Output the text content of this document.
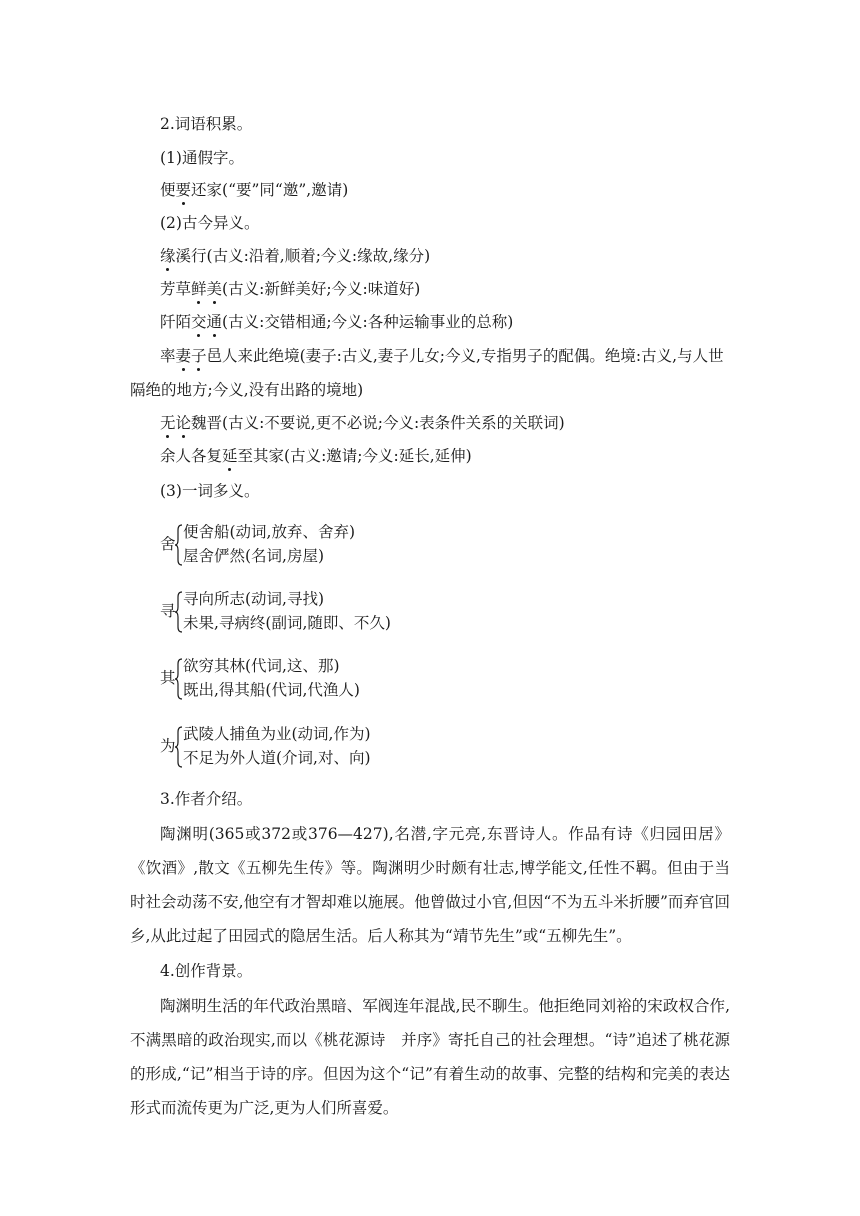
2.词语积累。
(1)通假字。
便要还家(“要”同“邀”,邀请)
(2)古今异义。
缘溪行(古义:沿着,顺着;今义:缘故,缘分)
芳草鲜美(古义:新鲜美好;今义:味道好)
阡陌交通(古义:交错相通;今义:各种运输事业的总称)
率妻子邑人来此绝境(妻子:古义,妻子儿女;今义,专指男子的配偶。绝境:古义,与人世
隔绝的地方;今义,没有出路的境地)
无论魏晋(古义:不要说,更不必说;今义:表条件关系的关联词)
余人各复延至其家(古义:邀请;今义:延长,延伸)
(3)一词多义。
舍
便舍船(动词,放弃、舍弃)
屋舍俨然(名词,房屋)
寻
寻向所志(动词,寻找)
未果,寻病终(副词,随即、不久)
其
欲穷其林(代词,这、那)
既出,得其船(代词,代渔人)
为
武陵人捕鱼为业(动词,作为)
不足为外人道(介词,对、向)
3.作者介绍。
陶渊明(365或372或376—427),名潜,字元亮,东晋诗人。作品有诗《归园田居》《饮酒》,散文《五柳先生传》等。陶渊明少时颇有壮志,博学能文,任性不羁。但由于当时社会动荡不安,他空有才智却难以施展。他曾做过小官,但因“不为五斗米折腰”而弃官回乡,从此过起了田园式的隐居生活。后人称其为“靖节先生”或“五柳先生”。
4.创作背景。
陶渊明生活的年代政治黑暗、军阀连年混战,民不聊生。他拒绝同刘裕的宋政权合作,不满黑暗的政治现实,而以《桃花源诗　并序》寄托自己的社会理想。“诗”追述了桃花源的形成,“记”相当于诗的序。但因为这个“记”有着生动的故事、完整的结构和完美的表达形式而流传更为广泛,更为人们所喜爱。
